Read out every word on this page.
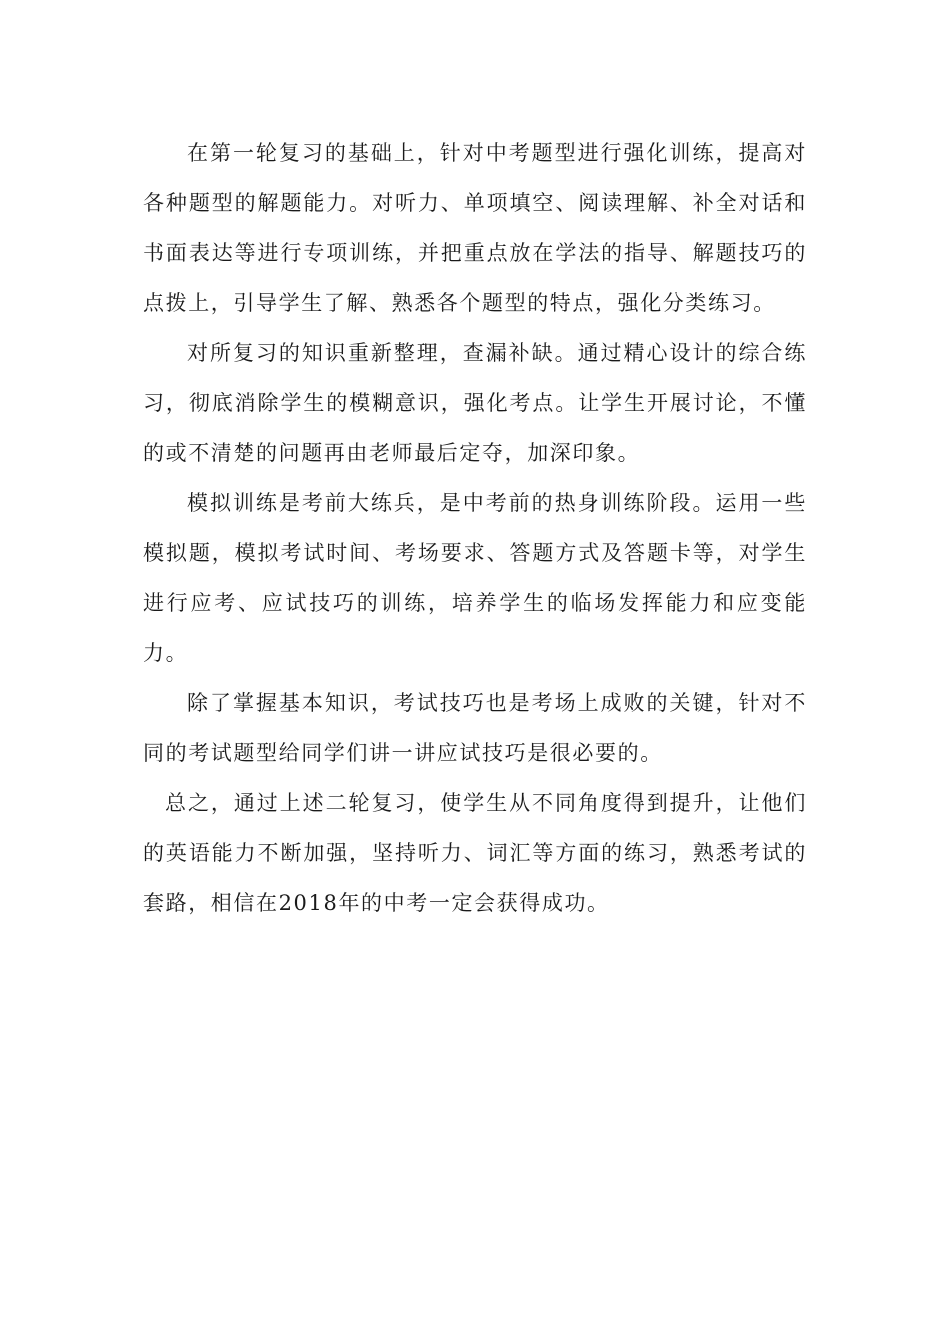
在第一轮复习的基础上，针对中考题型进行强化训练，提高对各种题型的解题能力。对听力、单项填空、阅读理解、补全对话和书面表达等进行专项训练，并把重点放在学法的指导、解题技巧的点拨上，引导学生了解、熟悉各个题型的特点，强化分类练习。

对所复习的知识重新整理，查漏补缺。通过精心设计的综合练习，彻底消除学生的模糊意识，强化考点。让学生开展讨论，不懂的或不清楚的问题再由老师最后定夺，加深印象。

模拟训练是考前大练兵，是中考前的热身训练阶段。运用一些模拟题，模拟考试时间、考场要求、答题方式及答题卡等，对学生进行应考、应试技巧的训练，培养学生的临场发挥能力和应变能力。

除了掌握基本知识，考试技巧也是考场上成败的关键，针对不同的考试题型给同学们讲一讲应试技巧是很必要的。

总之，通过上述二轮复习，使学生从不同角度得到提升，让他们的英语能力不断加强，坚持听力、词汇等方面的练习，熟悉考试的套路，相信在2018年的中考一定会获得成功。
